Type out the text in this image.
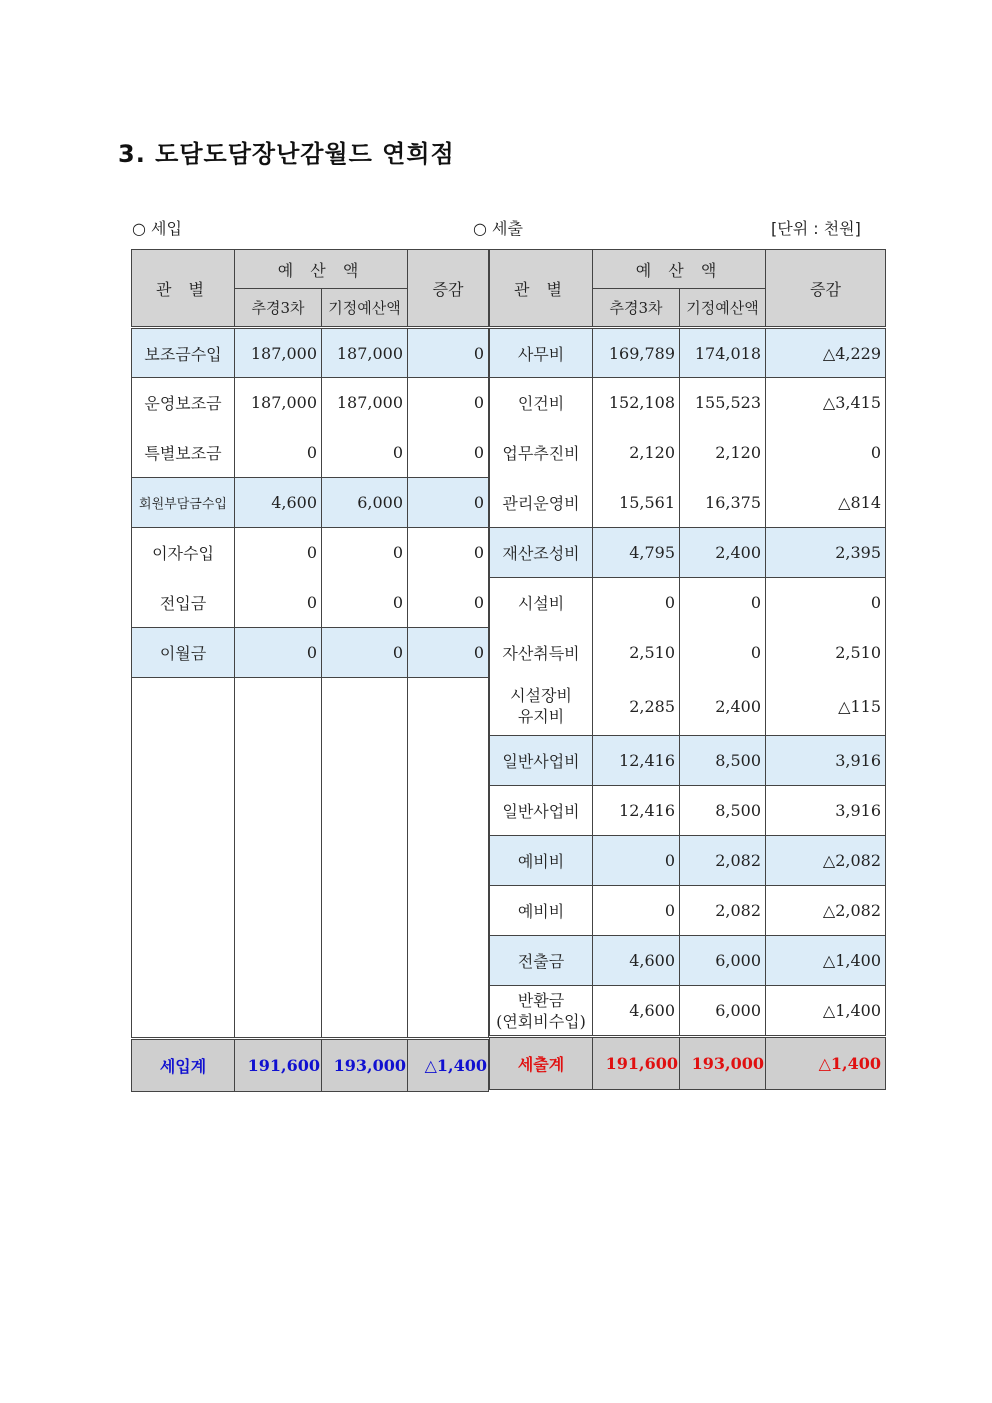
3. 도담도담장난감월드 연희점
○ 세입	○ 세출	[단위 : 천원]
관 별	예 산 액		증감
	추경3차	기정예산액	
보조금수입	187,000	187,000	0
운영보조금	187,000	187,000	0
특별보조금	0	0	0
회원부담금수입	4,600	6,000	0
이자수입	0	0	0
전입금	0	0	0
이월금	0	0	0

세입계	191,600	193,000	△1,400
관 별	예 산 액		증감
	추경3차	기정예산액	
사무비	169,789	174,018	△4,229
인건비	152,108	155,523	△3,415
업무추진비	2,120	2,120	0
관리운영비	15,561	16,375	△814
재산조성비	4,795	2,400	2,395
시설비	0	0	0
자산취득비	2,510	0	2,510
시설장비
유지비	2,285	2,400	△115
일반사업비	12,416	8,500	3,916
일반사업비	12,416	8,500	3,916
예비비	0	2,082	△2,082
예비비	0	2,082	△2,082
전출금	4,600	6,000	△1,400
반환금
(연회비수입)	4,600	6,000	△1,400
세출계	191,600	193,000	△1,400
